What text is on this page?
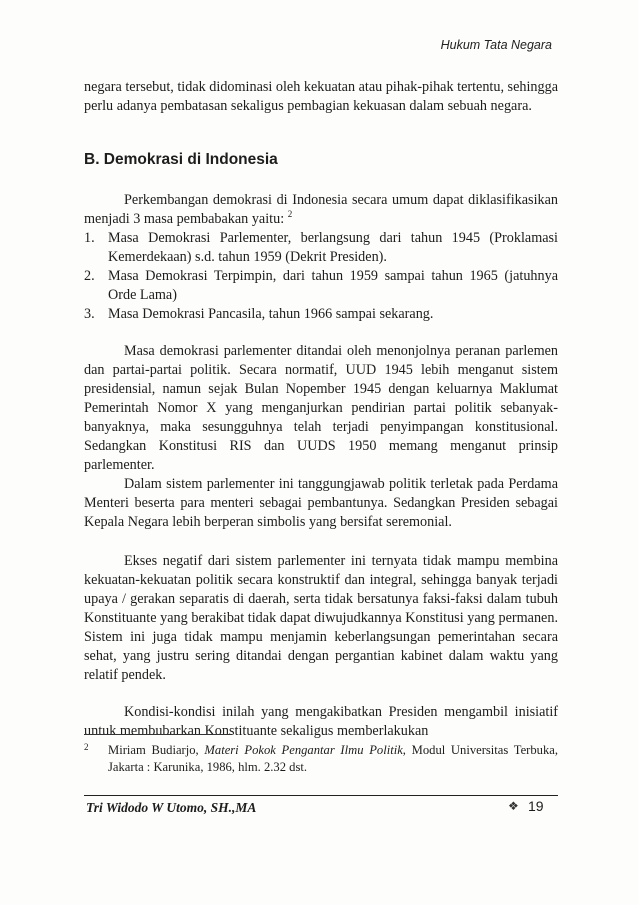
Hukum Tata Negara

negara tersebut, tidak didominasi oleh kekuatan atau pihak-pihak tertentu, sehingga perlu adanya pembatasan sekaligus pembagian kekuasan dalam sebuah negara.

B. Demokrasi di Indonesia

Perkembangan demokrasi di Indonesia secara umum dapat diklasifikasikan menjadi 3 masa pembabakan yaitu: $^2$

1. Masa Demokrasi Parlementer, berlangsung dari tahun 1945 (Proklamasi Kemerdekaan) s.d. tahun 1959 (Dekrit Presiden).
2. Masa Demokrasi Terpimpin, dari tahun 1959 sampai tahun 1965 (jatuhnya Orde Lama)
3. Masa Demokrasi Pancasila, tahun 1966 sampai sekarang.

Masa demokrasi parlementer ditandai oleh menonjolnya peranan parlemen dan partai-partai politik. Secara normatif, UUD 1945 lebih menganut sistem presidensial, namun sejak Bulan Nopember 1945 dengan keluarnya Maklumat Pemerintah Nomor X yang menganjurkan pendirian partai politik sebanyak-banyaknya, maka sesungguhnya telah terjadi penyimpangan konstitusional. Sedangkan Konstitusi RIS dan UUDS 1950 memang menganut prinsip parlementer.

Dalam sistem parlementer ini tanggungjawab politik terletak pada Perdama Menteri beserta para menteri sebagai pembantunya. Sedangkan Presiden sebagai Kepala Negara lebih berperan simbolis yang bersifat seremonial.

Ekses negatif dari sistem parlementer ini ternyata tidak mampu membina kekuatan-kekuatan politik secara konstruktif dan integral, sehingga banyak terjadi upaya / gerakan separatis di daerah, serta tidak bersatunya faksi-faksi dalam tubuh Konstituante yang berakibat tidak dapat diwujudkannya Konstitusi yang permanen. Sistem ini juga tidak mampu menjamin keberlangsungan pemerintahan secara sehat, yang justru sering ditandai dengan pergantian kabinet dalam waktu yang relatif pendek.

Kondisi-kondisi inilah yang mengakibatkan Presiden mengambil inisiatif untuk membubarkan Konstituante sekaligus memberlakukan

2	Miriam Budiarjo, Materi Pokok Pengantar Ilmu Politik, Modul Universitas Terbuka, Jakarta : Karunika, 1986, hlm. 2.32 dst.
Tri Widodo W Utomo, SH.,MA	❖ 19
